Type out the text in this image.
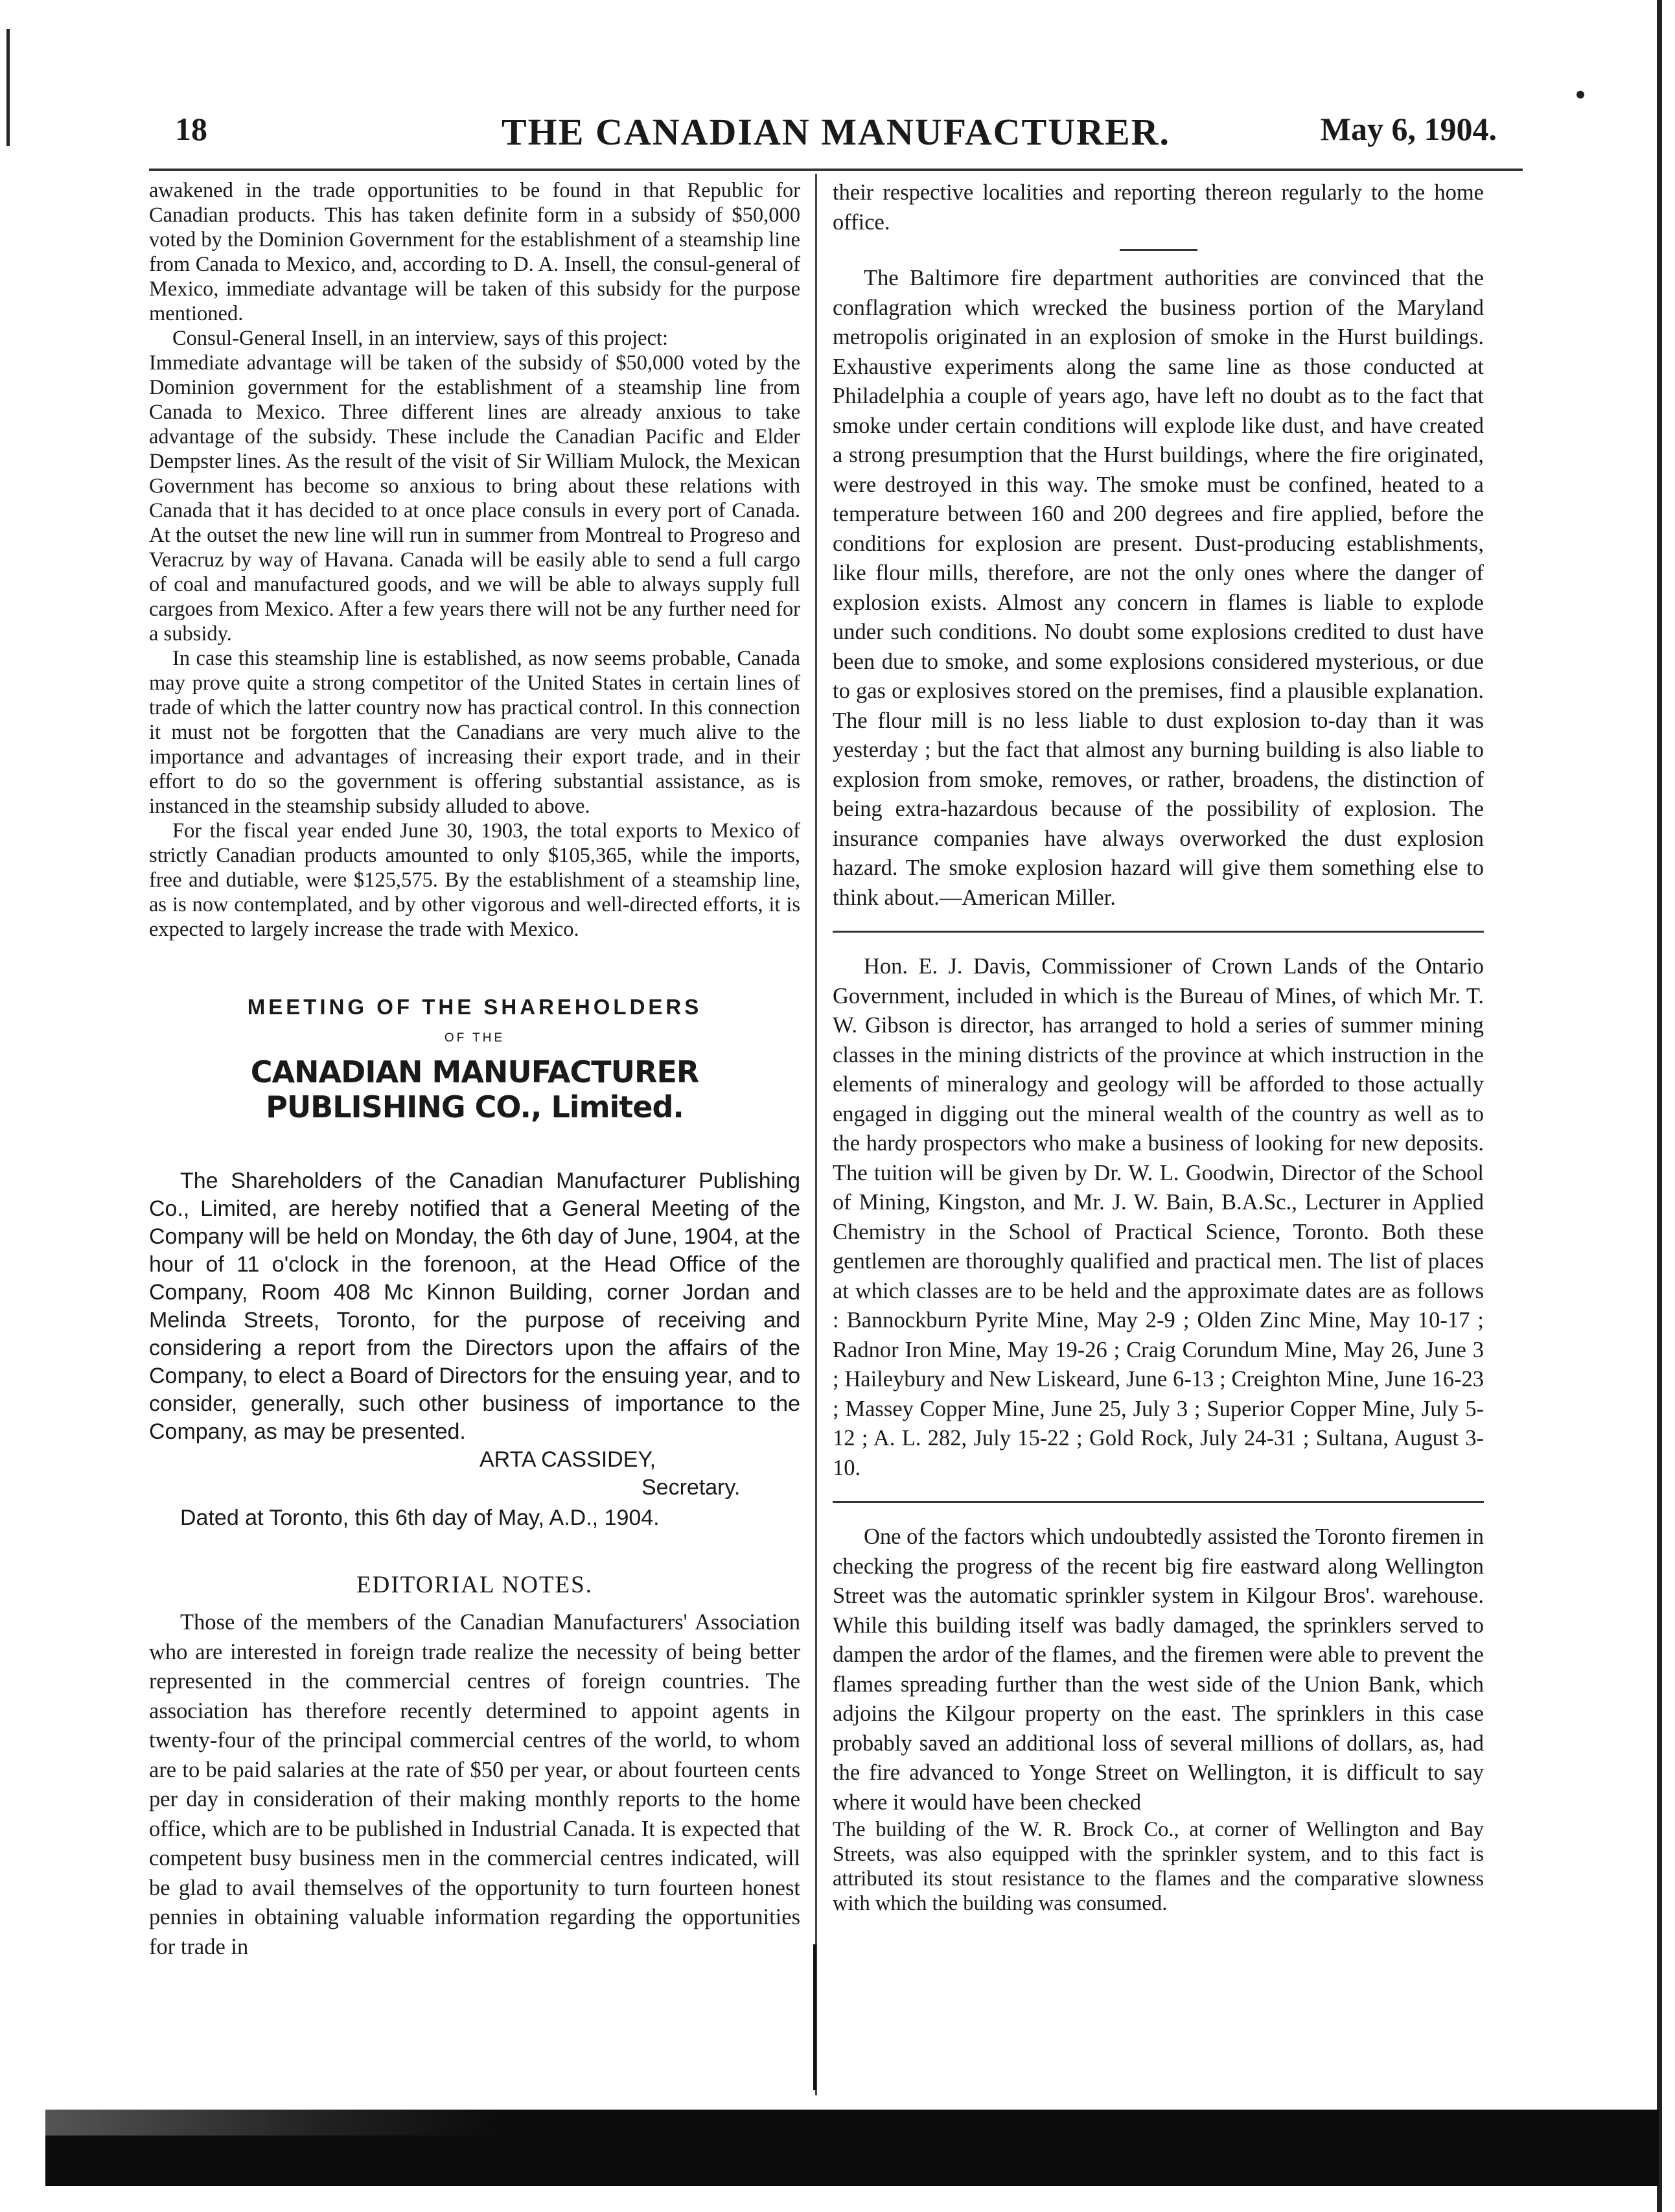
18	THE CANADIAN MANUFACTURER.	May 6, 1904.

awakened in the trade opportunities to be found in that Republic for Canadian products. This has taken definite form in a subsidy of $50,000 voted by the Dominion Government for the establishment of a steamship line from Canada to Mexico, and, according to D. A. Insell, the consul-general of Mexico, immediate advantage will be taken of this subsidy for the purpose mentioned.

Consul-General Insell, in an interview, says of this project:

Immediate advantage will be taken of the subsidy of $50,000 voted by the Dominion government for the establishment of a steamship line from Canada to Mexico. Three different lines are already anxious to take advantage of the subsidy. These include the Canadian Pacific and Elder Dempster lines. As the result of the visit of Sir William Mulock, the Mexican Government has become so anxious to bring about these relations with Canada that it has decided to at once place consuls in every port of Canada. At the outset the new line will run in summer from Montreal to Progreso and Veracruz by way of Havana. Canada will be easily able to send a full cargo of coal and manufactured goods, and we will be able to always supply full cargoes from Mexico. After a few years there will not be any further need for a subsidy.

In case this steamship line is established, as now seems probable, Canada may prove quite a strong competitor of the United States in certain lines of trade of which the latter country now has practical control. In this connection it must not be forgotten that the Canadians are very much alive to the importance and advantages of increasing their export trade, and in their effort to do so the government is offering substantial assistance, as is instanced in the steamship subsidy alluded to above.

For the fiscal year ended June 30, 1903, the total exports to Mexico of strictly Canadian products amounted to only $105,365, while the imports, free and dutiable, were $125,575. By the establishment of a steamship line, as is now contemplated, and by other vigorous and well-directed efforts, it is expected to largely increase the trade with Mexico.

MEETING OF THE SHAREHOLDERS
OF THE
CANADIAN MANUFACTURER PUBLISHING CO., Limited.

The Shareholders of the Canadian Manufacturer Publishing Co., Limited, are hereby notified that a General Meeting of the Company will be held on Monday, the 6th day of June, 1904, at the hour of 11 o'clock in the forenoon, at the Head Office of the Company, Room 408 Mc Kinnon Building, corner Jordan and Melinda Streets, Toronto, for the purpose of receiving and considering a report from the Directors upon the affairs of the Company, to elect a Board of Directors for the ensuing year, and to consider, generally, such other business of importance to the Company, as may be presented.

ARTA CASSIDEY,
Secretary.
Dated at Toronto, this 6th day of May, A.D., 1904.
EDITORIAL NOTES.

Those of the members of the Canadian Manufacturers' Association who are interested in foreign trade realize the necessity of being better represented in the commercial centres of foreign countries. The association has therefore recently determined to appoint agents in twenty-four of the principal commercial centres of the world, to whom are to be paid salaries at the rate of $50 per year, or about fourteen cents per day in consideration of their making monthly reports to the home office, which are to be published in Industrial Canada. It is expected that competent busy business men in the commercial centres indicated, will be glad to avail themselves of the opportunity to turn fourteen honest pennies in obtaining valuable information regarding the opportunities for trade in

their respective localities and reporting thereon regularly to the home office.

The Baltimore fire department authorities are convinced that the conflagration which wrecked the business portion of the Maryland metropolis originated in an explosion of smoke in the Hurst buildings. Exhaustive experiments along the same line as those conducted at Philadelphia a couple of years ago, have left no doubt as to the fact that smoke under certain conditions will explode like dust, and have created a strong presumption that the Hurst buildings, where the fire originated, were destroyed in this way. The smoke must be confined, heated to a temperature between 160 and 200 degrees and fire applied, before the conditions for explosion are present. Dust-producing establishments, like flour mills, therefore, are not the only ones where the danger of explosion exists. Almost any concern in flames is liable to explode under such conditions. No doubt some explosions credited to dust have been due to smoke, and some explosions considered mysterious, or due to gas or explosives stored on the premises, find a plausible explanation. The flour mill is no less liable to dust explosion to-day than it was yesterday ; but the fact that almost any burning building is also liable to explosion from smoke, removes, or rather, broadens, the distinction of being extra-hazardous because of the possibility of explosion. The insurance companies have always overworked the dust explosion hazard. The smoke explosion hazard will give them something else to think about.—American Miller.

Hon. E. J. Davis, Commissioner of Crown Lands of the Ontario Government, included in which is the Bureau of Mines, of which Mr. T. W. Gibson is director, has arranged to hold a series of summer mining classes in the mining districts of the province at which instruction in the elements of mineralogy and geology will be afforded to those actually engaged in digging out the mineral wealth of the country as well as to the hardy prospectors who make a business of looking for new deposits. The tuition will be given by Dr. W. L. Goodwin, Director of the School of Mining, Kingston, and Mr. J. W. Bain, B.A.Sc., Lecturer in Applied Chemistry in the School of Practical Science, Toronto. Both these gentlemen are thoroughly qualified and practical men. The list of places at which classes are to be held and the approximate dates are as follows : Bannockburn Pyrite Mine, May 2-9 ; Olden Zinc Mine, May 10-17 ; Radnor Iron Mine, May 19-26 ; Craig Corundum Mine, May 26, June 3 ; Haileybury and New Liskeard, June 6-13 ; Creighton Mine, June 16-23 ; Massey Copper Mine, June 25, July 3 ; Superior Copper Mine, July 5-12 ; A. L. 282, July 15-22 ; Gold Rock, July 24-31 ; Sultana, August 3-10.

One of the factors which undoubtedly assisted the Toronto firemen in checking the progress of the recent big fire eastward along Wellington Street was the automatic sprinkler system in Kilgour Bros'. warehouse. While this building itself was badly damaged, the sprinklers served to dampen the ardor of the flames, and the firemen were able to prevent the flames spreading further than the west side of the Union Bank, which adjoins the Kilgour property on the east. The sprinklers in this case probably saved an additional loss of several millions of dollars, as, had the fire advanced to Yonge Street on Wellington, it is difficult to say where it would have been checked

The building of the W. R. Brock Co., at corner of Wellington and Bay Streets, was also equipped with the sprinkler system, and to this fact is attributed its stout resistance to the flames and the comparative slowness with which the building was consumed.
